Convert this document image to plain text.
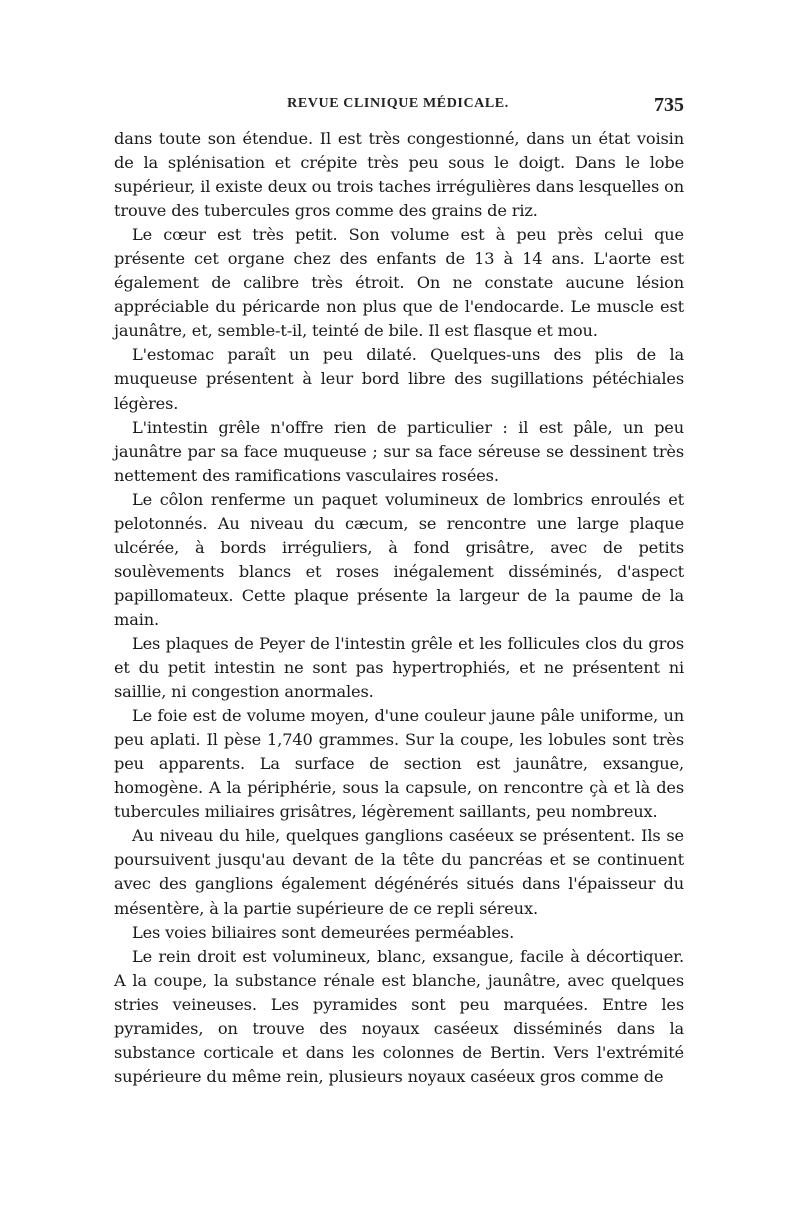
REVUE CLINIQUE MÉDICALE.	735

dans toute son étendue. Il est très congestionné, dans un état voisin de la splénisation et crépite très peu sous le doigt. Dans le lobe supérieur, il existe deux ou trois taches irrégulières dans lesquelles on trouve des tubercules gros comme des grains de riz.

Le cœur est très petit. Son volume est à peu près celui que présente cet organe chez des enfants de 13 à 14 ans. L'aorte est également de calibre très étroit. On ne constate aucune lésion appréciable du péricarde non plus que de l'endocarde. Le muscle est jaunâtre, et, semble-t-il, teinté de bile. Il est flasque et mou.

L'estomac paraît un peu dilaté. Quelques-uns des plis de la muqueuse présentent à leur bord libre des sugillations pétéchiales légères.

L'intestin grêle n'offre rien de particulier : il est pâle, un peu jaunâtre par sa face muqueuse ; sur sa face séreuse se dessinent très nettement des ramifications vasculaires rosées.

Le côlon renferme un paquet volumineux de lombrics enroulés et pelotonnés. Au niveau du cæcum, se rencontre une large plaque ulcérée, à bords irréguliers, à fond grisâtre, avec de petits soulèvements blancs et roses inégalement disséminés, d'aspect papillomateux. Cette plaque présente la largeur de la paume de la main.

Les plaques de Peyer de l'intestin grêle et les follicules clos du gros et du petit intestin ne sont pas hypertrophiés, et ne présentent ni saillie, ni congestion anormales.

Le foie est de volume moyen, d'une couleur jaune pâle uniforme, un peu aplati. Il pèse 1,740 grammes. Sur la coupe, les lobules sont très peu apparents. La surface de section est jaunâtre, exsangue, homogène. A la périphérie, sous la capsule, on rencontre çà et là des tubercules miliaires grisâtres, légèrement saillants, peu nombreux.

Au niveau du hile, quelques ganglions caséeux se présentent. Ils se poursuivent jusqu'au devant de la tête du pancréas et se continuent avec des ganglions également dégénérés situés dans l'épaisseur du mésentère, à la partie supérieure de ce repli séreux.

Les voies biliaires sont demeurées perméables.

Le rein droit est volumineux, blanc, exsangue, facile à décortiquer. A la coupe, la substance rénale est blanche, jaunâtre, avec quelques stries veineuses. Les pyramides sont peu marquées. Entre les pyramides, on trouve des noyaux caséeux disséminés dans la substance corticale et dans les colonnes de Bertin. Vers l'extrémité supérieure du même rein, plusieurs noyaux caséeux gros comme de
